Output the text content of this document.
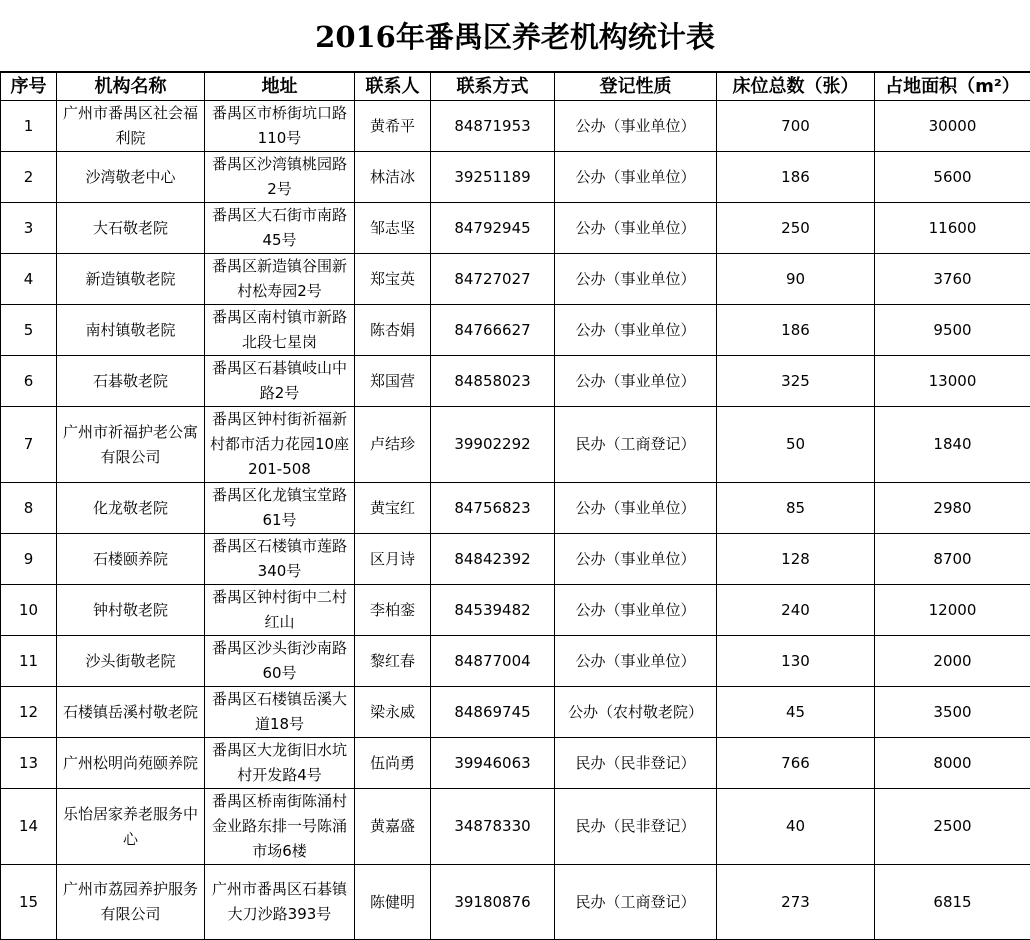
2016年番禺区养老机构统计表
序号	机构名称	地址	联系人	联系方式	登记性质	床位总数（张）	占地面积（m²）
1	广州市番禺区社会福利院	番禺区市桥街坑口路110号	黄希平	84871953	公办（事业单位）	700	30000
2	沙湾敬老中心	番禺区沙湾镇桃园路2号	林洁冰	39251189	公办（事业单位）	186	5600
3	大石敬老院	番禺区大石街市南路45号	邹志坚	84792945	公办（事业单位）	250	11600
4	新造镇敬老院	番禺区新造镇谷围新村松寿园2号	郑宝英	84727027	公办（事业单位）	90	3760
5	南村镇敬老院	番禺区南村镇市新路北段七星岗	陈杏娟	84766627	公办（事业单位）	186	9500
6	石碁敬老院	番禺区石碁镇岐山中路2号	郑国营	84858023	公办（事业单位）	325	13000
7	广州市祈福护老公寓有限公司	番禺区钟村街祈福新村都市活力花园10座201-508	卢结珍	39902292	民办（工商登记）	50	1840
8	化龙敬老院	番禺区化龙镇宝堂路61号	黄宝红	84756823	公办（事业单位）	85	2980
9	石楼颐养院	番禺区石楼镇市莲路340号	区月诗	84842392	公办（事业单位）	128	8700
10	钟村敬老院	番禺区钟村街中二村红山	李柏銮	84539482	公办（事业单位）	240	12000
11	沙头街敬老院	番禺区沙头街沙南路60号	黎红春	84877004	公办（事业单位）	130	2000
12	石楼镇岳溪村敬老院	番禺区石楼镇岳溪大道18号	梁永威	84869745	公办（农村敬老院）	45	3500
13	广州松明尚苑颐养院	番禺区大龙街旧水坑村开发路4号	伍尚勇	39946063	民办（民非登记）	766	8000
14	乐怡居家养老服务中心	番禺区桥南街陈涌村金业路东排一号陈涌市场6楼	黄嘉盛	34878330	民办（民非登记）	40	2500
15	广州市荔园养护服务有限公司	广州市番禺区石碁镇大刀沙路393号	陈健明	39180876	民办（工商登记）	273	6815
